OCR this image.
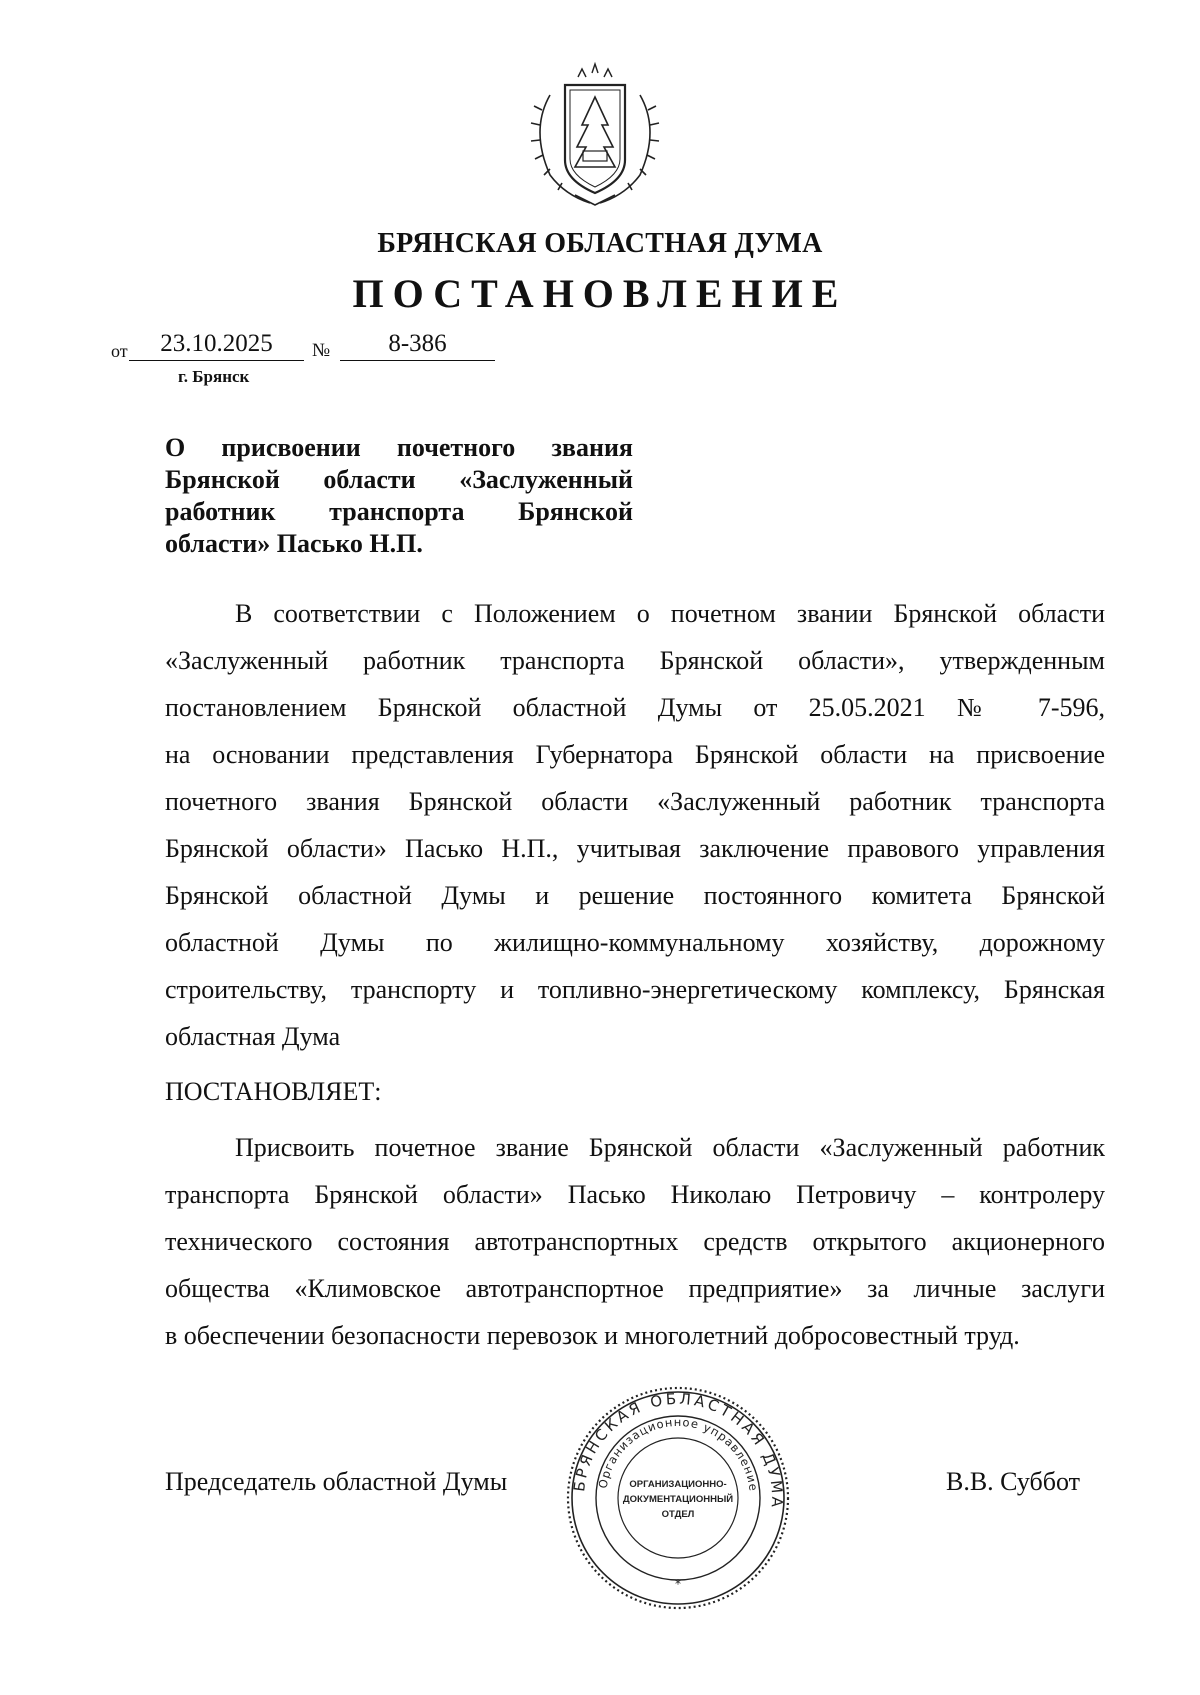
БРЯНСКАЯ ОБЛАСТНАЯ ДУМА
ПОСТАНОВЛЕНИЕ
от	23.10.2025	№	8-386
г. Брянск
О присвоении почетного звания
Брянской области «Заслуженный
работник транспорта Брянской
области» Пасько Н.П.
В соответствии с Положением о почетном звании Брянской области
«Заслуженный работник транспорта Брянской области», утвержденным
постановлением Брянской областной Думы от 25.05.2021 № 7-596,
на основании представления Губернатора Брянской области на присвоение
почетного звания Брянской области «Заслуженный работник транспорта
Брянской области» Пасько Н.П., учитывая заключение правового управления
Брянской областной Думы и решение постоянного комитета Брянской
областной Думы по жилищно-коммунальному хозяйству, дорожному
строительству, транспорту и топливно-энергетическому комплексу, Брянская
областная Дума
ПОСТАНОВЛЯЕТ:
Присвоить почетное звание Брянской области «Заслуженный работник
транспорта Брянской области» Пасько Николаю Петровичу – контролеру
технического состояния автотранспортных средств открытого акционерного
общества «Климовское автотранспортное предприятие» за личные заслуги
в обеспечении безопасности перевозок и многолетний добросовестный труд.
Председатель областной Думы	В.В. Суббот
БРЯНСКАЯ ОБЛАСТНАЯ ДУМА
Организационное управление
ОРГАНИЗАЦИОННО-
ДОКУМЕНТАЦИОННЫЙ
ОТДЕЛ
*
